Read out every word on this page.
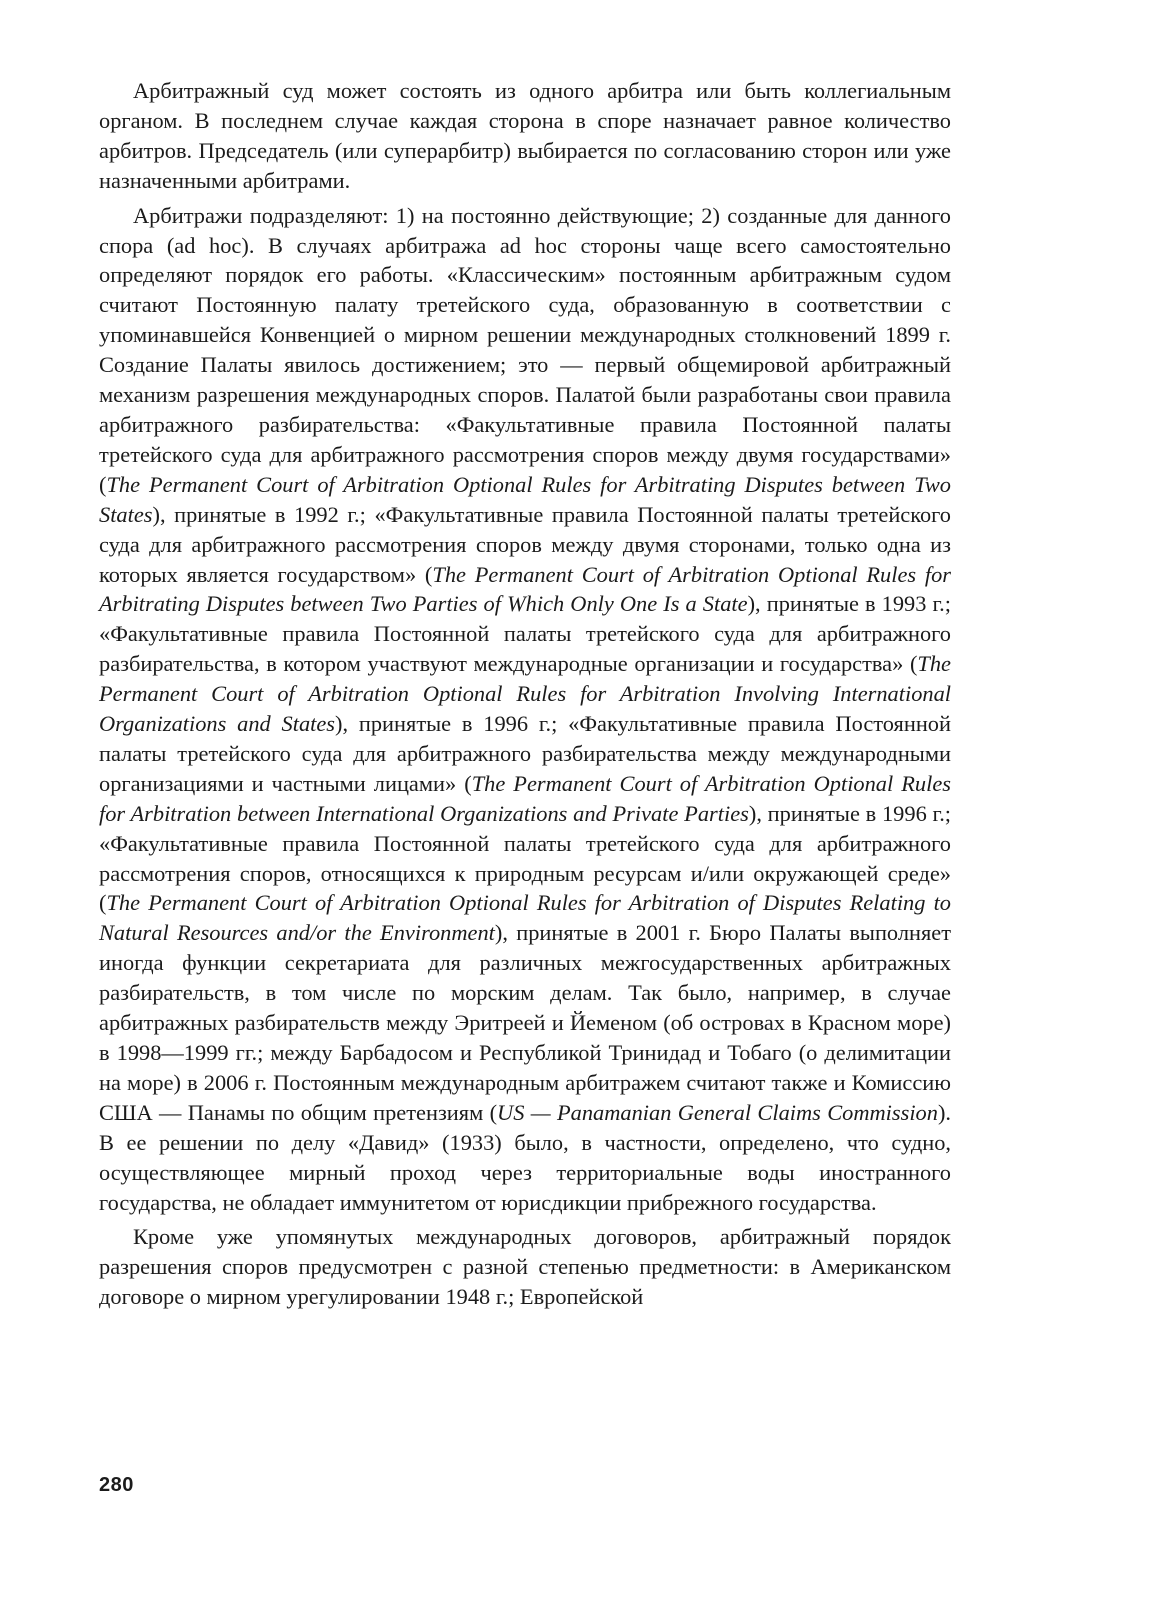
Арбитражный суд может состоять из одного арбитра или быть коллегиальным органом. В последнем случае каждая сторона в споре назначает равное количество арбитров. Председатель (или суперарбитр) выбирается по согласованию сторон или уже назначенными арбитрами.

Арбитражи подразделяют: 1) на постоянно действующие; 2) созданные для данного спора (ad hoc). В случаях арбитража ad hoc стороны чаще всего самостоятельно определяют порядок его работы. «Классическим» постоянным арбитражным судом считают Постоянную палату третейского суда, образованную в соответствии с упоминавшейся Конвенцией о мирном решении международных столкновений 1899 г. Создание Палаты явилось достижением; это — первый общемировой арбитражный механизм разрешения международных споров. Палатой были разработаны свои правила арбитражного разбирательства: «Факультативные правила Постоянной палаты третейского суда для арбитражного рассмотрения споров между двумя государствами» (The Permanent Court of Arbitration Optional Rules for Arbitrating Disputes between Two States), принятые в 1992 г.; «Факультативные правила Постоянной палаты третейского суда для арбитражного рассмотрения споров между двумя сторонами, только одна из которых является государством» (The Permanent Court of Arbitration Optional Rules for Arbitrating Disputes between Two Parties of Which Only One Is a State), принятые в 1993 г.; «Факультативные правила Постоянной палаты третейского суда для арбитражного разбирательства, в котором участвуют международные организации и государства» (The Permanent Court of Arbitration Optional Rules for Arbitration Involving International Organizations and States), принятые в 1996 г.; «Факультативные правила Постоянной палаты третейского суда для арбитражного разбирательства между международными организациями и частными лицами» (The Permanent Court of Arbitration Optional Rules for Arbitration between International Organizations and Private Parties), принятые в 1996 г.; «Факультативные правила Постоянной палаты третейского суда для арбитражного рассмотрения споров, относящихся к природным ресурсам и/или окружающей среде» (The Permanent Court of Arbitration Optional Rules for Arbitration of Disputes Relating to Natural Resources and/or the Environment), принятые в 2001 г. Бюро Палаты выполняет иногда функции секретариата для различных межгосударственных арбитражных разбирательств, в том числе по морским делам. Так было, например, в случае арбитражных разбирательств между Эритреей и Йеменом (об островах в Красном море) в 1998—1999 гг.; между Барбадосом и Республикой Тринидад и Тобаго (о делимитации на море) в 2006 г. Постоянным международным арбитражем считают также и Комиссию США — Панамы по общим претензиям (US — Panamanian General Claims Commission). В ее решении по делу «Давид» (1933) было, в частности, определено, что судно, осуществляющее мирный проход через территориальные воды иностранного государства, не обладает иммунитетом от юрисдикции прибрежного государства.

Кроме уже упомянутых международных договоров, арбитражный порядок разрешения споров предусмотрен с разной степенью предметности: в Американском договоре о мирном урегулировании 1948 г.; Европейской

280
